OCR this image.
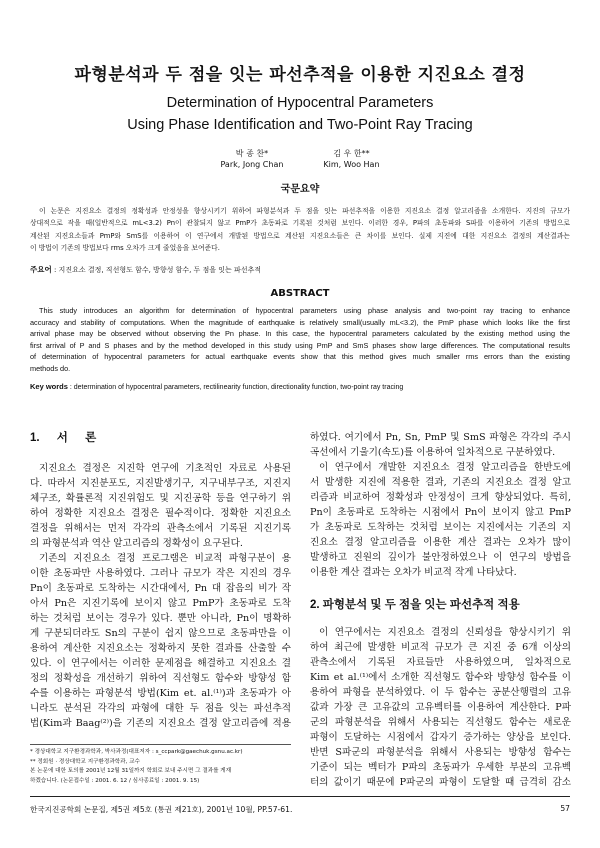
파형분석과 두 점을 잇는 파선추적을 이용한 지진요소 결정
Determination of Hypocentral Parameters
Using Phase Identification and Two-Point Ray Tracing
박 종 찬*
Park, Jong Chan
김 우 한**
Kim, Woo Han
국문요약
이 논문은 지진요소 결정의 정확성과 안정성을 향상시키기 위하여 파형분석과 두 점을 잇는 파선추적을 이용한 지진요소 결정 알고리즘을 소개한다. 지진의 규모가
상대적으로 작을 때(일반적으로 mL<3.2) Pn이 관찰되지 않고 PmP가 초동파로 기록된 것처럼 보인다. 이러한 경우, P파의 초동파와 S파를 이용하여 기존의 방법으로
계산된 지진요소들과 PmP와 SmS를 이용하여 이 연구에서 개발된 방법으로 계산된 지진요소들은 큰 차이를 보인다. 실제 지진에 대한 지진요소 결정의 계산결과는
이 방법이 기존의 방법보다 rms 오차가 크게 줄었음을 보여준다.
주요어 : 지진요소 결정, 직선형도 함수, 방향성 함수, 두 점을 잇는 파선추적
ABSTRACT
This study introduces an algorithm for determination of hypocentral parameters using phase analysis and two-point ray tracing to enhance
accuracy and stability of computations. When the magnitude of earthquake is relatively small(usually mL<3.2), the PmP phase which looks like the first
arrival phase may be observed without observing the Pn phase. In this case, the hypocentral parameters calculated by the existing method using the
first arrival of P and S phases and by the method developed in this study using PmP and SmS phases show large differences. The computational results
of determination of hypocentral parameters for actual earthquake events show that this method gives much smaller rms errors than the existing
methods do.
Key words : determination of hypocentral parameters, rectilinearity function, directionality function, two-point ray tracing
1. 서 론
지진요소 결정은 지진학 연구에 기초적인 자료로 사용된
다. 따라서 지진분포도, 지진발생기구, 지구내부구조, 지진지
체구조, 확률론적 지진위험도 및 지진공학 등을 연구하기 위
하여 정확한 지진요소 결정은 필수적이다. 정확한 지진요소
결정을 위해서는 먼저 각각의 관측소에서 기록된 지진기록
의 파형분석과 역산 알고리즘의 정확성이 요구된다.
기존의 지진요소 결정 프로그램은 비교적 파형구분이 용
이한 초동파만 사용하였다. 그러나 규모가 작은 지진의 경우
Pn이 초동파로 도착하는 시간대에서, Pn 대 잡음의 비가 작
아서 Pn은 지진기록에 보이지 않고 PmP가 초동파로 도착
하는 것처럼 보이는 경우가 있다. 뿐만 아니라, Pn이 명확하
게 구분되더라도 Sn의 구분이 쉽지 않으므로 초동파만을 이
용하여 계산한 지진요소는 정확하지 못한 결과를 산출할 수
있다. 이 연구에서는 이러한 문제점을 해결하고 지진요소 결
정의 정확성을 개선하기 위하여 직선형도 함수와 방향성 함
수를 이용하는 파형분석 방법(Kim et. al.⁽¹⁾)과 초동파가 아
니라도 분석된 각각의 파형에 대한 두 점을 잇는 파선추적
법(Kim과 Baag⁽²⁾)을 기존의 지진요소 결정 알고리즘에 적용
하였다. 여기에서 Pn, Sn, PmP 및 SmS 파형은 각각의 주시
곡선에서 기울기(속도)를 이용하여 일차적으로 구분하였다.
이 연구에서 개발한 지진요소 결정 알고리즘을 한반도에
서 발생한 지진에 적용한 결과, 기존의 지진요소 결정 알고
리즘과 비교하여 정확성과 안정성이 크게 향상되었다. 특히,
Pn이 초동파로 도착하는 시점에서 Pn이 보이지 않고 PmP
가 초동파로 도착하는 것처럼 보이는 지진에서는 기존의 지
진요소 결정 알고리즘을 이용한 계산 결과는 오차가 많이
발생하고 진원의 깊이가 불안정하였으나 이 연구의 방법을
이용한 계산 결과는 오차가 비교적 작게 나타났다.
2. 파형분석 및 두 점을 잇는 파선추적 적용
이 연구에서는 지진요소 결정의 신뢰성을 향상시키기 위
하여 최근에 발생한 비교적 규모가 큰 지진 중 6개 이상의
관측소에서 기록된 자료들만 사용하였으며, 일차적으로
Kim et al.⁽¹⁾에서 소개한 직선형도 함수와 방향성 함수를 이
용하여 파형을 분석하였다. 이 두 함수는 공분산행렬의 고유
값과 가장 큰 고유값의 고유벡터를 이용하여 계산한다. P파
군의 파형분석을 위해서 사용되는 직선형도 함수는 새로운
파형이 도달하는 시점에서 갑자기 증가하는 양상을 보인다.
반면 S파군의 파형분석을 위해서 사용되는 방향성 함수는
기준이 되는 벡터가 P파의 초동파가 우세한 부분의 고유벡
터의 값이기 때문에 P파군의 파형이 도달할 때 급격히 감소
* 경상대학교 지구환경과학과, 박사과정(대표저자 : s_ccpark@gaechuk.gsnu.ac.kr)
** 정회원 · 경상대학교 지구환경과학과, 교수
본 논문에 대한 토의를 2001년 12월 31일까지 학회로 보내 주시면 그 결과를 게재
하겠습니다. (논문접수일 : 2001. 6. 12 / 심사종료일 : 2001. 9. 15)
한국지진공학회 논문집, 제5권 제5호 (통권 제21호), 2001년 10월, PP.57-61.	57
